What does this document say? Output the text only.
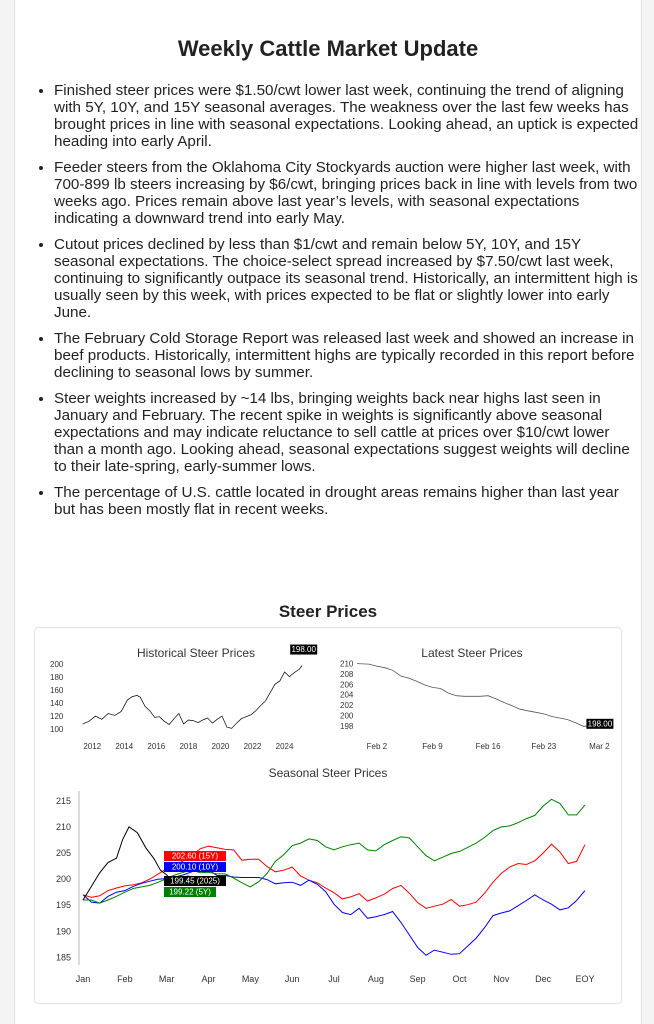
Weekly Cattle Market Update
• Finished steer prices were $1.50/cwt lower last week, continuing the trend of aligning with 5Y, 10Y, and 15Y seasonal averages. The weakness over the last few weeks has brought prices in line with seasonal expectations. Looking ahead, an uptick is expected heading into early April.
• Feeder steers from the Oklahoma City Stockyards auction were higher last week, with 700-899 lb steers increasing by $6/cwt, bringing prices back in line with levels from two weeks ago. Prices remain above last year’s levels, with seasonal expectations indicating a downward trend into early May.
• Cutout prices declined by less than $1/cwt and remain below 5Y, 10Y, and 15Y seasonal expectations. The choice-select spread increased by $7.50/cwt last week, continuing to significantly outpace its seasonal trend. Historically, an intermittent high is usually seen by this week, with prices expected to be flat or slightly lower into early June.
• The February Cold Storage Report was released last week and showed an increase in beef products. Historically, intermittent highs are typically recorded in this report before declining to seasonal lows by summer.
• Steer weights increased by ~14 lbs, bringing weights back near highs last seen in January and February. The recent spike in weights is significantly above seasonal expectations and may indicate reluctance to sell cattle at prices over $10/cwt lower than a month ago. Looking ahead, seasonal expectations suggest weights will decline to their late-spring, early-summer lows.
• The percentage of U.S. cattle located in drought areas remains higher than last year but has been mostly flat in recent weeks.
Steer Prices
Historical Steer Prices
100
120
140
160
180
200
2012 2014 2016 2018 2020 2022 2024
198.00	Latest Steer Prices
198
200
202
204
206
208
210
Feb 2	Feb 9	Feb 16	Feb 23	Mar 2
198.00
Seasonal Steer Prices
185
190
195
200
205
210
215
Jan	Feb	Mar	Apr	May	Jun	Jul	Aug	Sep	Oct	Nov	Dec	EOY
202.60 (15Y)
200.10 (10Y)
199.45 (2025)
199.22 (5Y)
